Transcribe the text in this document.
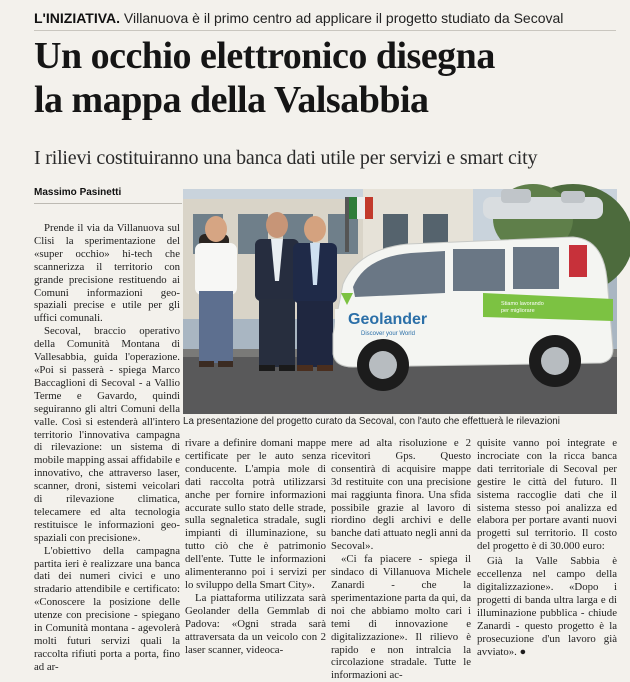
L'INIZIATIVA. Villanuova è il primo centro ad applicare il progetto studiato da Secoval
Un occhio elettronico disegna
la mappa della Valsabbia
I rilievi costituiranno una banca dati utile per servizi e smart city
Massimo Pasinetti

Prende il via da Villanuova sul Clisi la sperimentazione del «super occhio» hi-tech che scannerizza il territorio con grande precisione restituendo ai Comuni informazioni geo-spaziali precise e utile per gli uffici comunali.

Secoval, braccio operativo della Comunità Montana di Vallesabbia, guida l'operazione. «Poi si passerà - spiega Marco Baccaglioni di Secoval - a Vallio Terme e Gavardo, quindi seguiranno gli altri Comuni della valle. Così si estenderà all'intero territorio l'innovativa campagna di rilevazione: un sistema di mobile mapping assai affidabile e innovativo, che attraverso laser, scanner, droni, sistemi veicolari di rilevazione climatica, telecamere ed alta tecnologia restituisce le informazioni geo-spaziali con precisione».

L'obiettivo della campagna partita ieri è realizzare una banca dati dei numeri civici e uno stradario attendibile e certificato: «Conoscere la posizione delle utenze con precisione - spiegano in Comunità montana - agevolerà molti futuri servizi quali la raccolta rifiuti porta a porta, fino ad ar-

Geolander
Discover your World
Stiamo lavorando
per migliorare
La presentazione del progetto curato da Secoval, con l'auto che effettuerà le rilevazioni

rivare a definire domani mappe certificate per le auto senza conducente. L'ampia mole di dati raccolta potrà utilizzarsi anche per fornire informazioni accurate sullo stato delle strade, sulla segnaletica stradale, sugli impianti di illuminazione, su tutto ciò che è patrimonio dell'ente. Tutte le informazioni alimenteranno poi i servizi per lo sviluppo della Smart City».

La piattaforma utilizzata sarà Geolander della Gemmlab di Padova: «Ogni strada sarà attraversata da un veicolo con 2 laser scanner, videoca-

mere ad alta risoluzione e 2 ricevitori Gps. Questo consentirà di acquisire mappe 3d restituite con una precisione mai raggiunta finora. Una sfida possibile grazie al lavoro di riordino degli archivi e delle banche dati attuato negli anni da Secoval».

«Ci fa piacere - spiega il sindaco di Villanuova Michele Zanardi - che la sperimentazione parta da qui, da noi che abbiamo molto cari i temi di innovazione e digitalizzazione». Il rilievo è rapido e non intralcia la circolazione stradale. Tutte le informazioni ac-

quisite vanno poi integrate e incrociate con la ricca banca dati territoriale di Secoval per gestire le città del futuro. Il sistema raccoglie dati che il sistema stesso poi analizza ed elabora per portare avanti nuovi progetti sul territorio. Il costo del progetto è di 30.000 euro:

Già la Valle Sabbia è eccellenza nel campo della digitalizzazione». «Dopo i progetti di banda ultra larga e di illuminazione pubblica - chiude Zanardi - questo progetto è la prosecuzione d'un lavoro già avviato». ●
